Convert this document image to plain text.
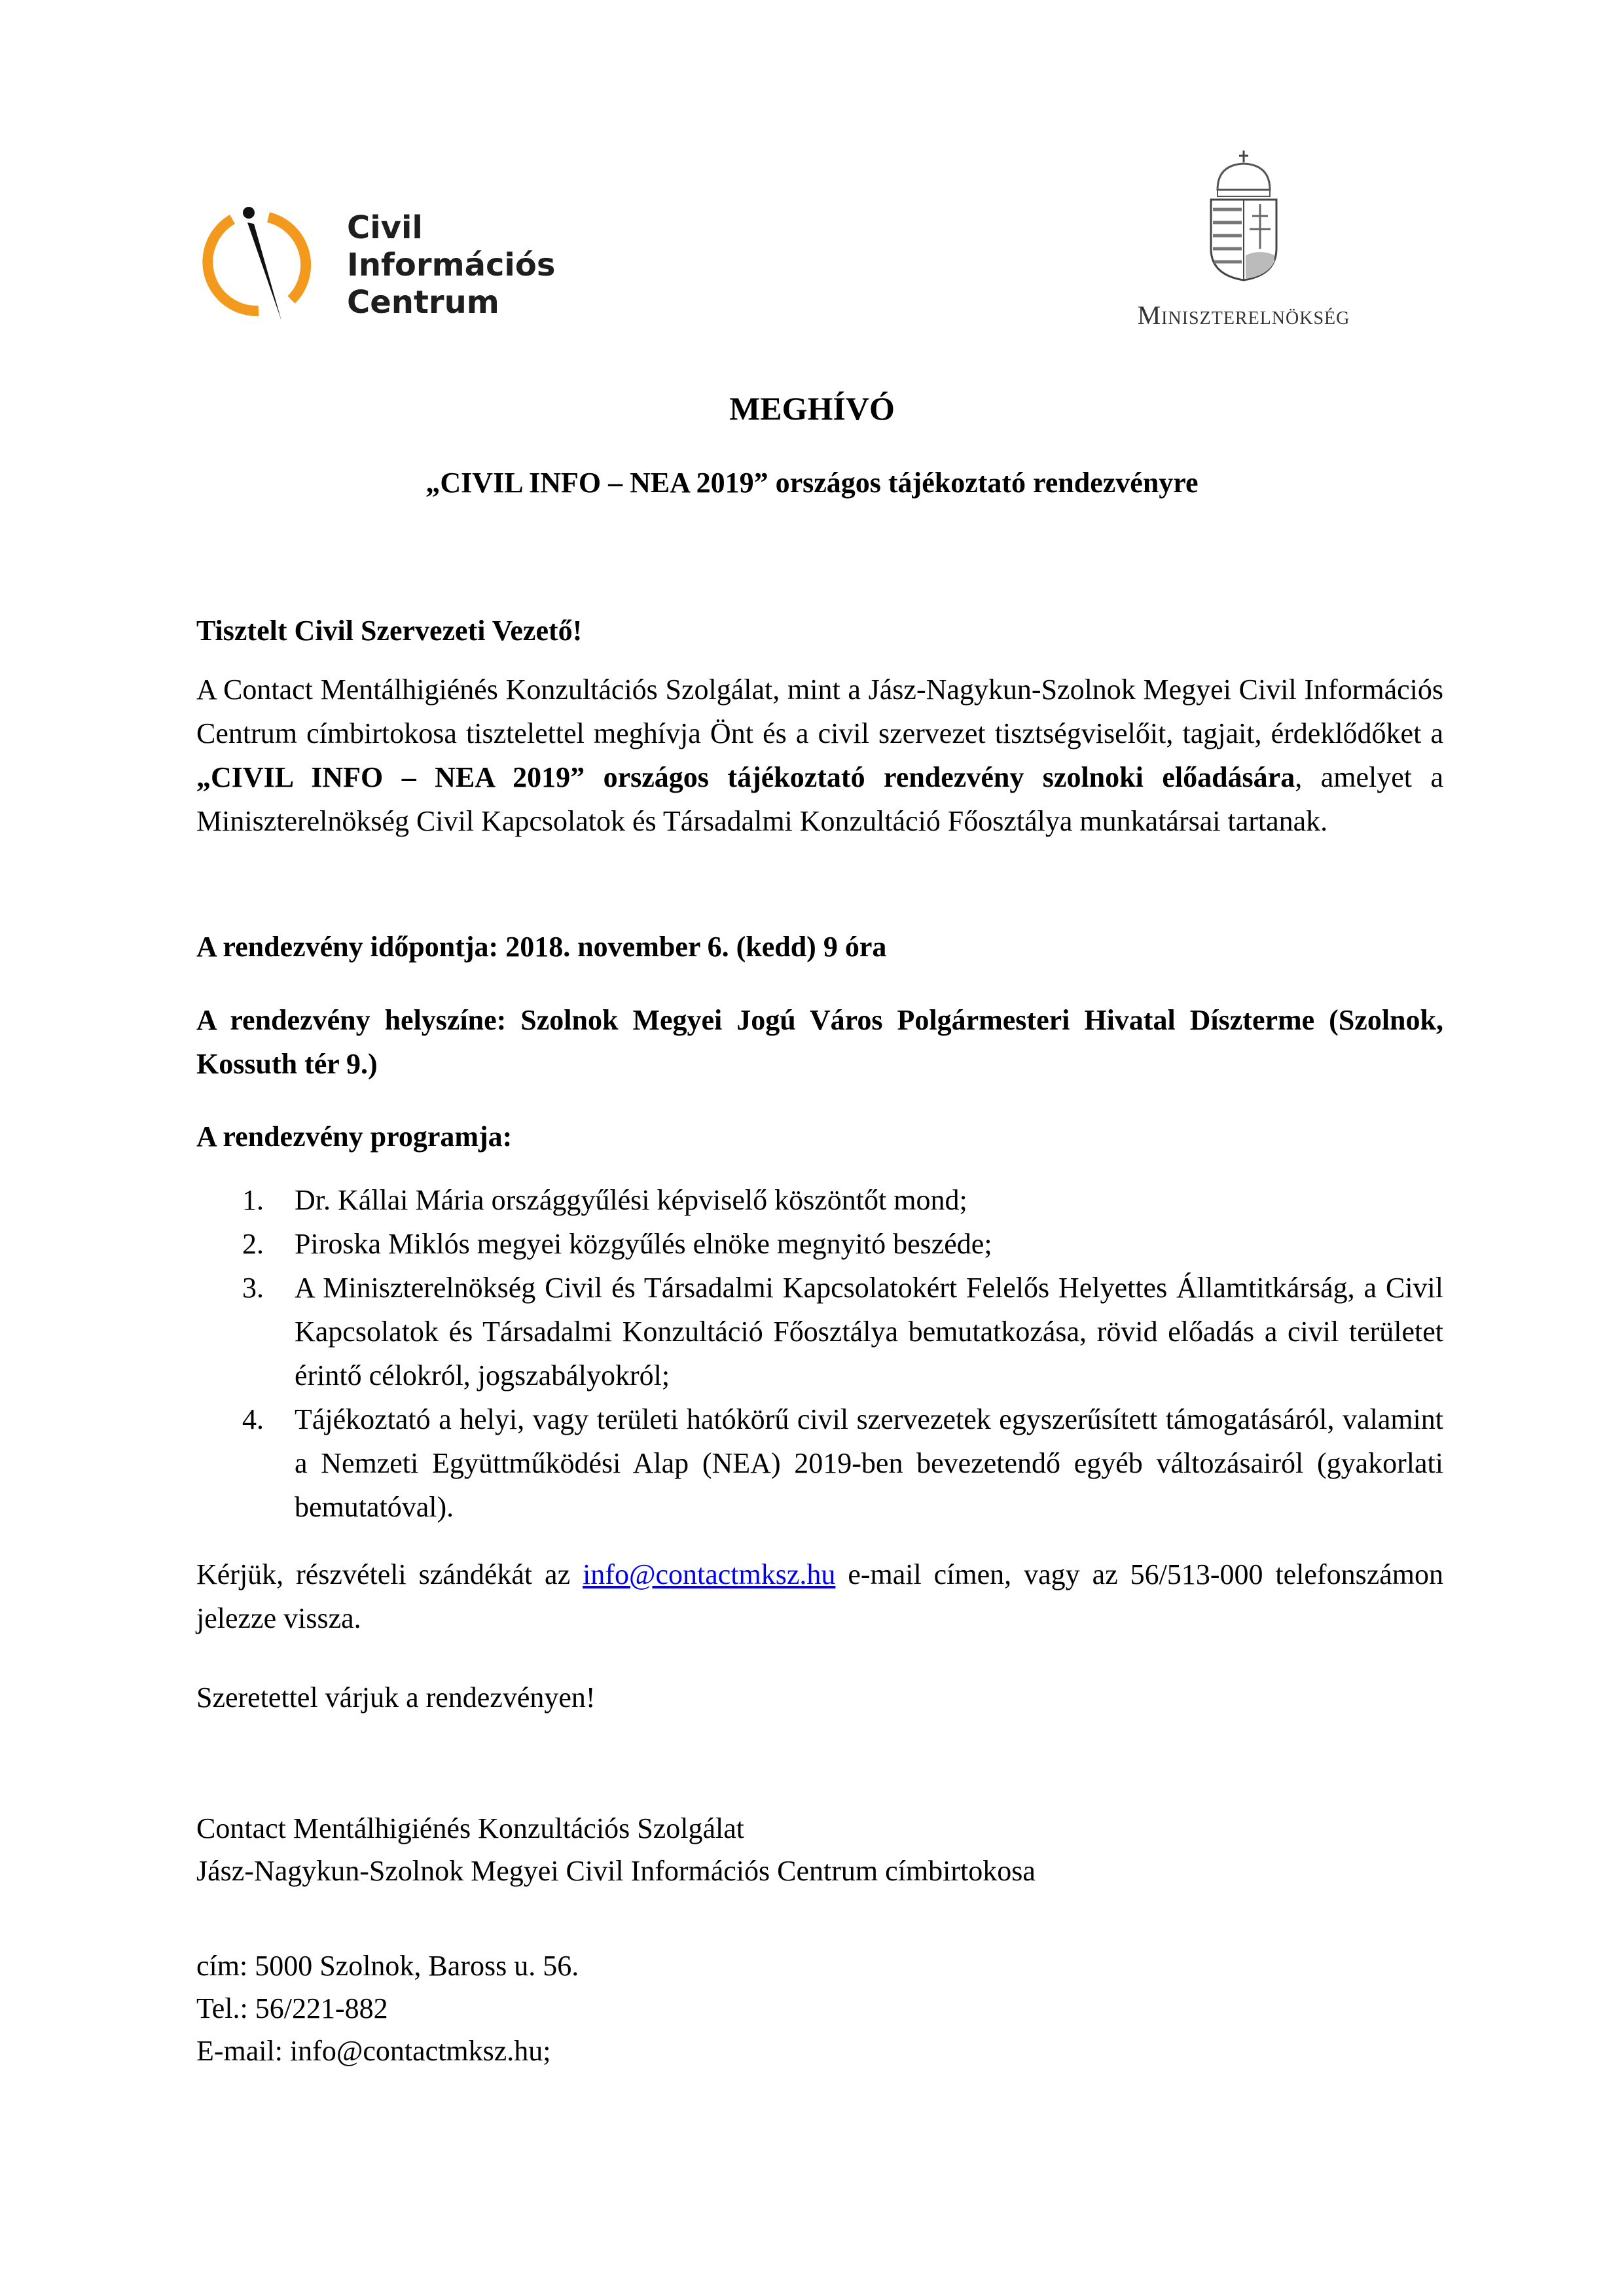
Civil
Információs
Centrum	Miniszterelnökség
MEGHÍVÓ
„CIVIL INFO – NEA 2019” országos tájékoztató rendezvényre
Tisztelt Civil Szervezeti Vezető!
A Contact Mentálhigiénés Konzultációs Szolgálat, mint a Jász-Nagykun-Szolnok Megyei Civil Információs Centrum címbirtokosa tisztelettel meghívja Önt és a civil szervezet tisztségviselőit, tagjait, érdeklődőket a „CIVIL INFO – NEA 2019” országos tájékoztató rendezvény szolnoki előadására, amelyet a Miniszterelnökség Civil Kapcsolatok és Társadalmi Konzultáció Főosztálya munkatársai tartanak.
A rendezvény időpontja: 2018. november 6. (kedd) 9 óra
A rendezvény helyszíne: Szolnok Megyei Jogú Város Polgármesteri Hivatal Díszterme (Szolnok, Kossuth tér 9.)
A rendezvény programja:
1. Dr. Kállai Mária országgyűlési képviselő köszöntőt mond;
2. Piroska Miklós megyei közgyűlés elnöke megnyitó beszéde;
3. A Miniszterelnökség Civil és Társadalmi Kapcsolatokért Felelős Helyettes Államtitkárság, a Civil Kapcsolatok és Társadalmi Konzultáció Főosztálya bemutatkozása, rövid előadás a civil területet érintő célokról, jogszabályokról;
4. Tájékoztató a helyi, vagy területi hatókörű civil szervezetek egyszerűsített támogatásáról, valamint a Nemzeti Együttműködési Alap (NEA) 2019-ben bevezetendő egyéb változásairól (gyakorlati bemutatóval).
Kérjük, részvételi szándékát az info@contactmksz.hu e-mail címen, vagy az 56/513-000 telefonszámon jelezze vissza.
Szeretettel várjuk a rendezvényen!
Contact Mentálhigiénés Konzultációs Szolgálat
Jász-Nagykun-Szolnok Megyei Civil Információs Centrum címbirtokosa
cím: 5000 Szolnok, Baross u. 56.
Tel.: 56/221-882
E-mail: info@contactmksz.hu;
